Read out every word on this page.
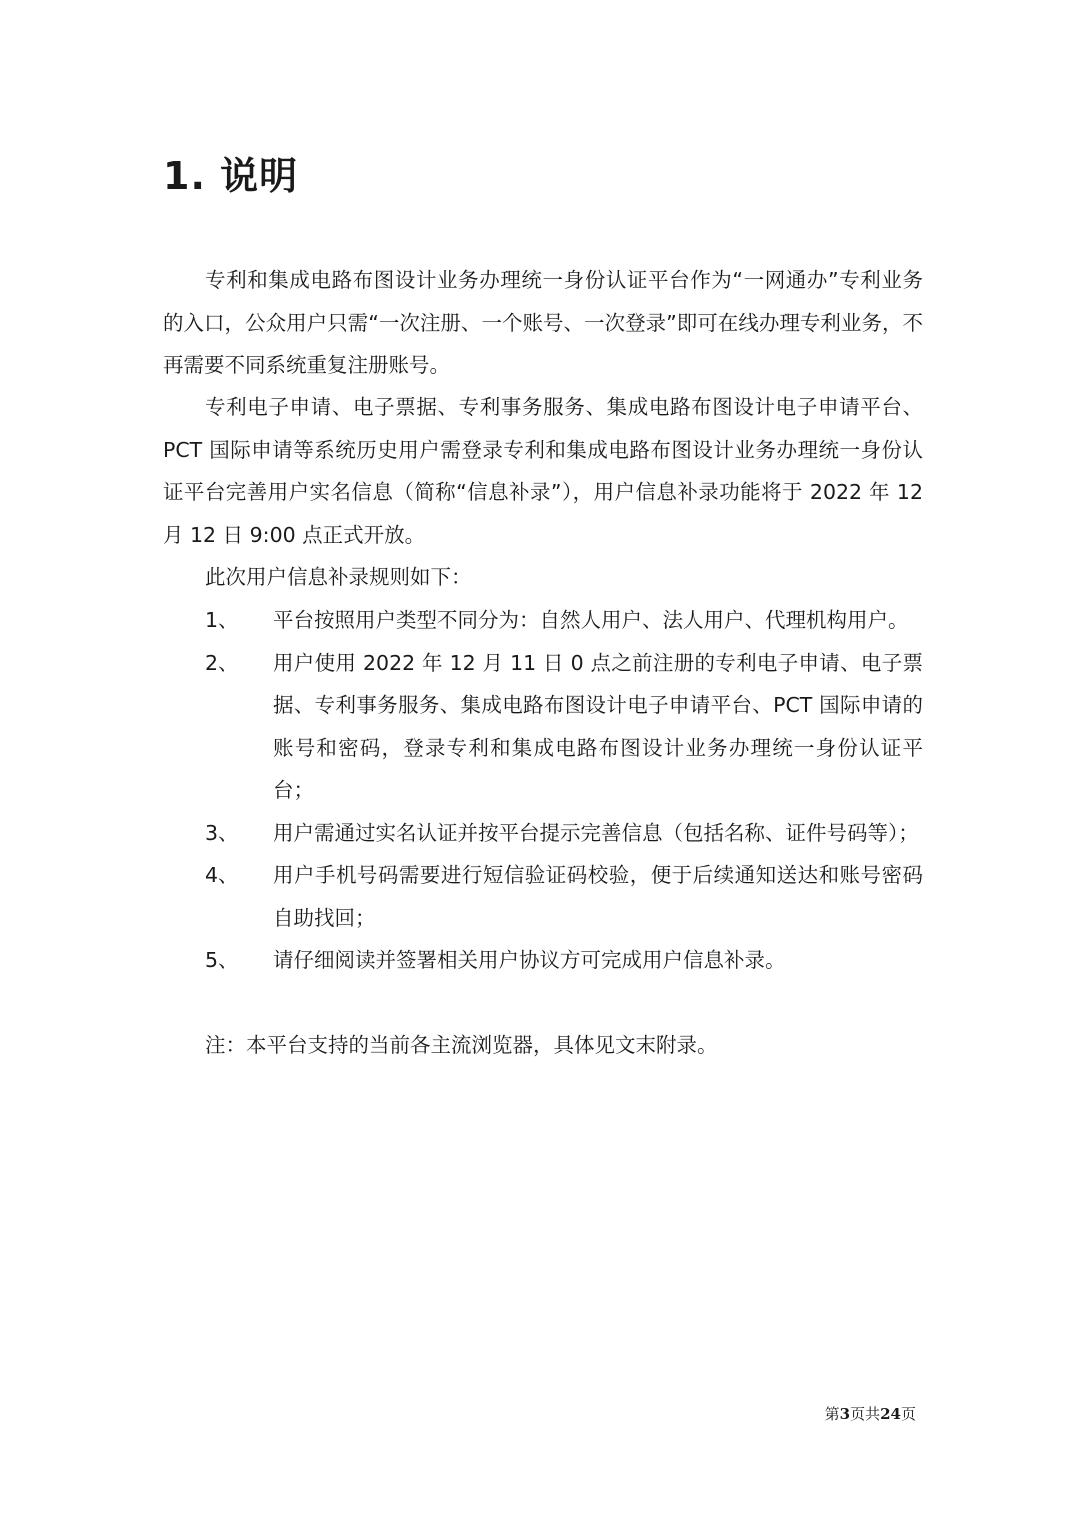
1. 说明

专利和集成电路布图设计业务办理统一身份认证平台作为“一网通办”专利业务的入口，公众用户只需“一次注册、一个账号、一次登录”即可在线办理专利业务，不再需要不同系统重复注册账号。

专利电子申请、电子票据、专利事务服务、集成电路布图设计电子申请平台、PCT 国际申请等系统历史用户需登录专利和集成电路布图设计业务办理统一身份认证平台完善用户实名信息（简称“信息补录”），用户信息补录功能将于 2022 年 12 月 12 日 9:00 点正式开放。

此次用户信息补录规则如下：

1、	平台按照用户类型不同分为：自然人用户、法人用户、代理机构用户。
2、	用户使用 2022 年 12 月 11 日 0 点之前注册的专利电子申请、电子票据、专利事务服务、集成电路布图设计电子申请平台、PCT 国际申请的账号和密码，登录专利和集成电路布图设计业务办理统一身份认证平台；
3、	用户需通过实名认证并按平台提示完善信息（包括名称、证件号码等）；
4、	用户手机号码需要进行短信验证码校验，便于后续通知送达和账号密码自助找回；
5、	请仔细阅读并签署相关用户协议方可完成用户信息补录。
注：本平台支持的当前各主流浏览器，具体见文末附录。
第3页共24页
